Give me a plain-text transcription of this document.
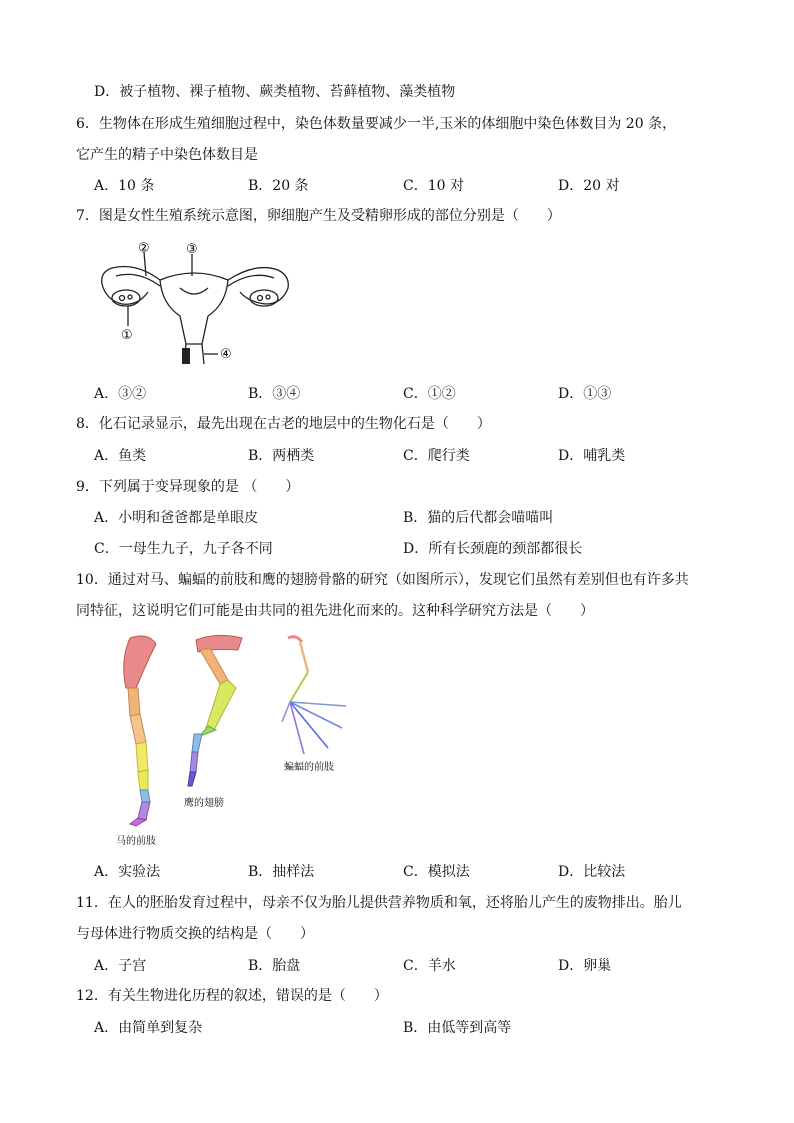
D．被子植物、裸子植物、蕨类植物、苔藓植物、藻类植物
6．生物体在形成生殖细胞过程中，染色体数量要减少一半,玉米的体细胞中染色体数目为 20 条，
它产生的精子中染色体数目是
A．10 条	B．20 条	C．10 对	D．20 对
7．图是女性生殖系统示意图，卵细胞产生及受精卵形成的部位分别是（　　）
②	③
①
④
A．③②	B．③④	C．①②	D．①③
8．化石记录显示，最先出现在古老的地层中的生物化石是（　　）
A．鱼类	B．两栖类	C．爬行类	D．哺乳类
9．下列属于变异现象的是 （　　）
A．小明和爸爸都是单眼皮	B．猫的后代都会喵喵叫
C．一母生九子，九子各不同	D．所有长颈鹿的颈部都很长
10．通过对马、蝙蝠的前肢和鹰的翅膀骨骼的研究（如图所示），发现它们虽然有差别但也有许多共
同特征，这说明它们可能是由共同的祖先进化而来的。这种科学研究方法是（　　）
马的前肢
鹰的翅膀
蝙蝠的前肢
A．实验法	B．抽样法	C．模拟法	D．比较法
11．在人的胚胎发育过程中，母亲不仅为胎儿提供营养物质和氧，还将胎儿产生的废物排出。胎儿
与母体进行物质交换的结构是（　　）
A．子宫	B．胎盘	C．羊水	D．卵巢
12．有关生物进化历程的叙述，错误的是（　　）
A．由简单到复杂	B．由低等到高等
